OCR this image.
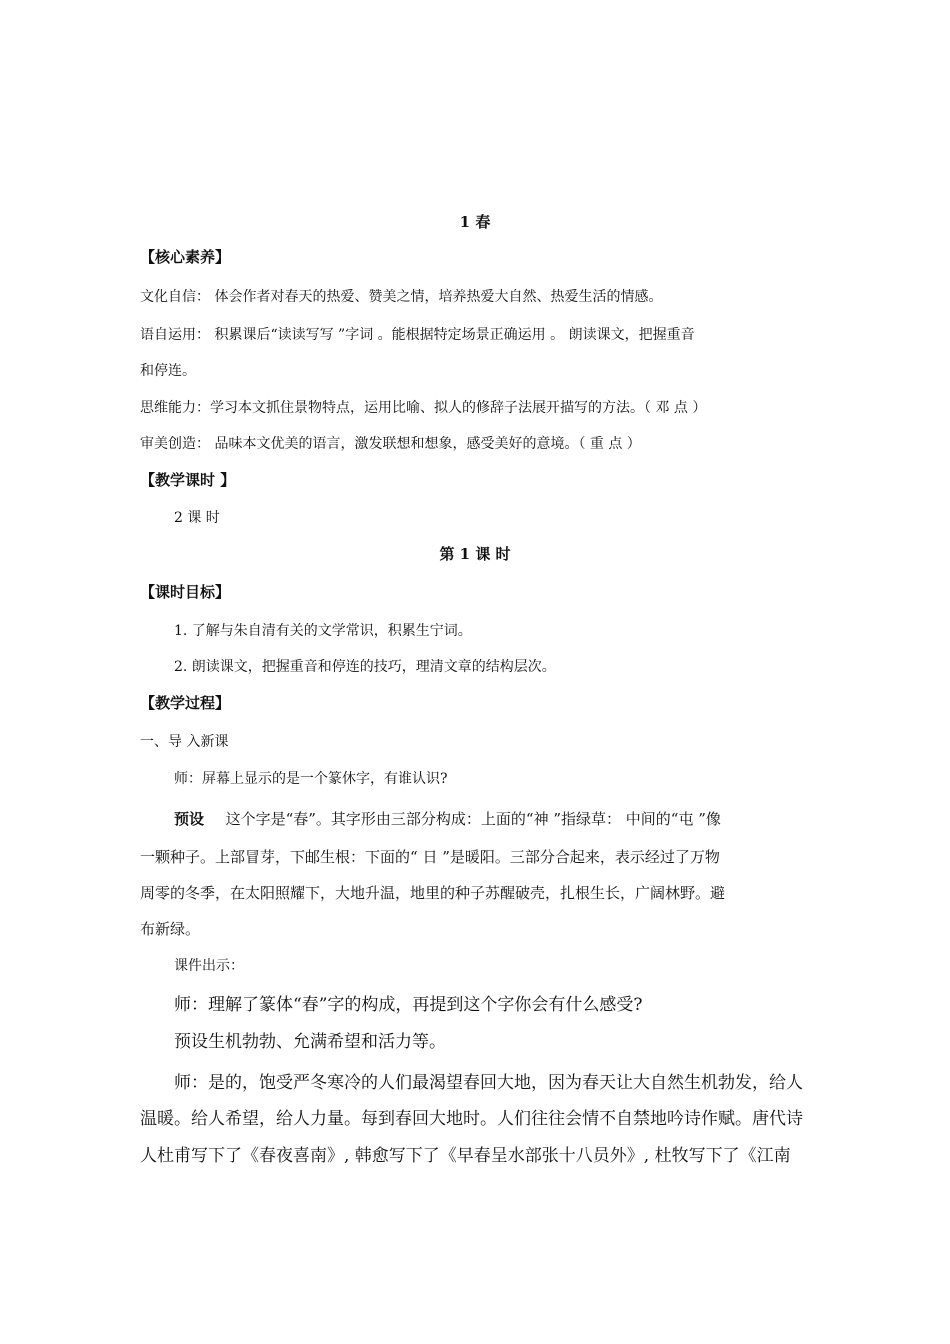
1 春
【核心素养】
文化自信： 体会作者对春天的热爱、赞美之情，培养热爱大自然、热爱生活的情感。
语自运用： 积累课后“读读写写 ”字词 。能根据特定场景正确运用 。 朗读课文，把握重音
和停连。
思维能力：学习本文抓住景物特点，运用比喻、拟人的修辞子法展开描写的方法。（ 邓 点 ）
审美创造： 品味本文优美的语言，激发联想和想象，感受美好的意境。（ 重 点 ）
【教学课时 】
2 课 时
第 1 课 时
【课时目标】
1. 了解与朱自清有关的文学常识，积累生宁词。
2. 朗读课文，把握重音和停连的技巧，理清文章的结构层次。
【教学过程】
一、导 入新课
师：屏幕上显示的是一个篆休字，有谁认识?
预设 这个字是“春”。其字形由三部分构成：上面的“神 ”指绿草： 中间的“屯 ”像
一颗种子。上部冒芽，下邮生根：下面的“ 日 ”是暖阳。三部分合起来，表示经过了万物
周零的冬季，在太阳照耀下，大地升温，地里的种子苏醒破壳，扎根生长，广阔林野。避
布新绿。
课件出示：
师：理解了篆体“春”字的构成，再提到这个字你会有什么感受?
预设生机勃勃、允满希望和活力等。
师：是的，饱受严冬寒冷的人们最渴望春回大地，因为春天让大自然生机勃发，给人
温暖。给人希望，给人力量。每到春回大地时。人们往往会情不自禁地吟诗作赋。唐代诗
人杜甫写下了《春夜喜南》, 韩愈写下了《早春呈水部张十八员外》, 杜牧写下了《江南
